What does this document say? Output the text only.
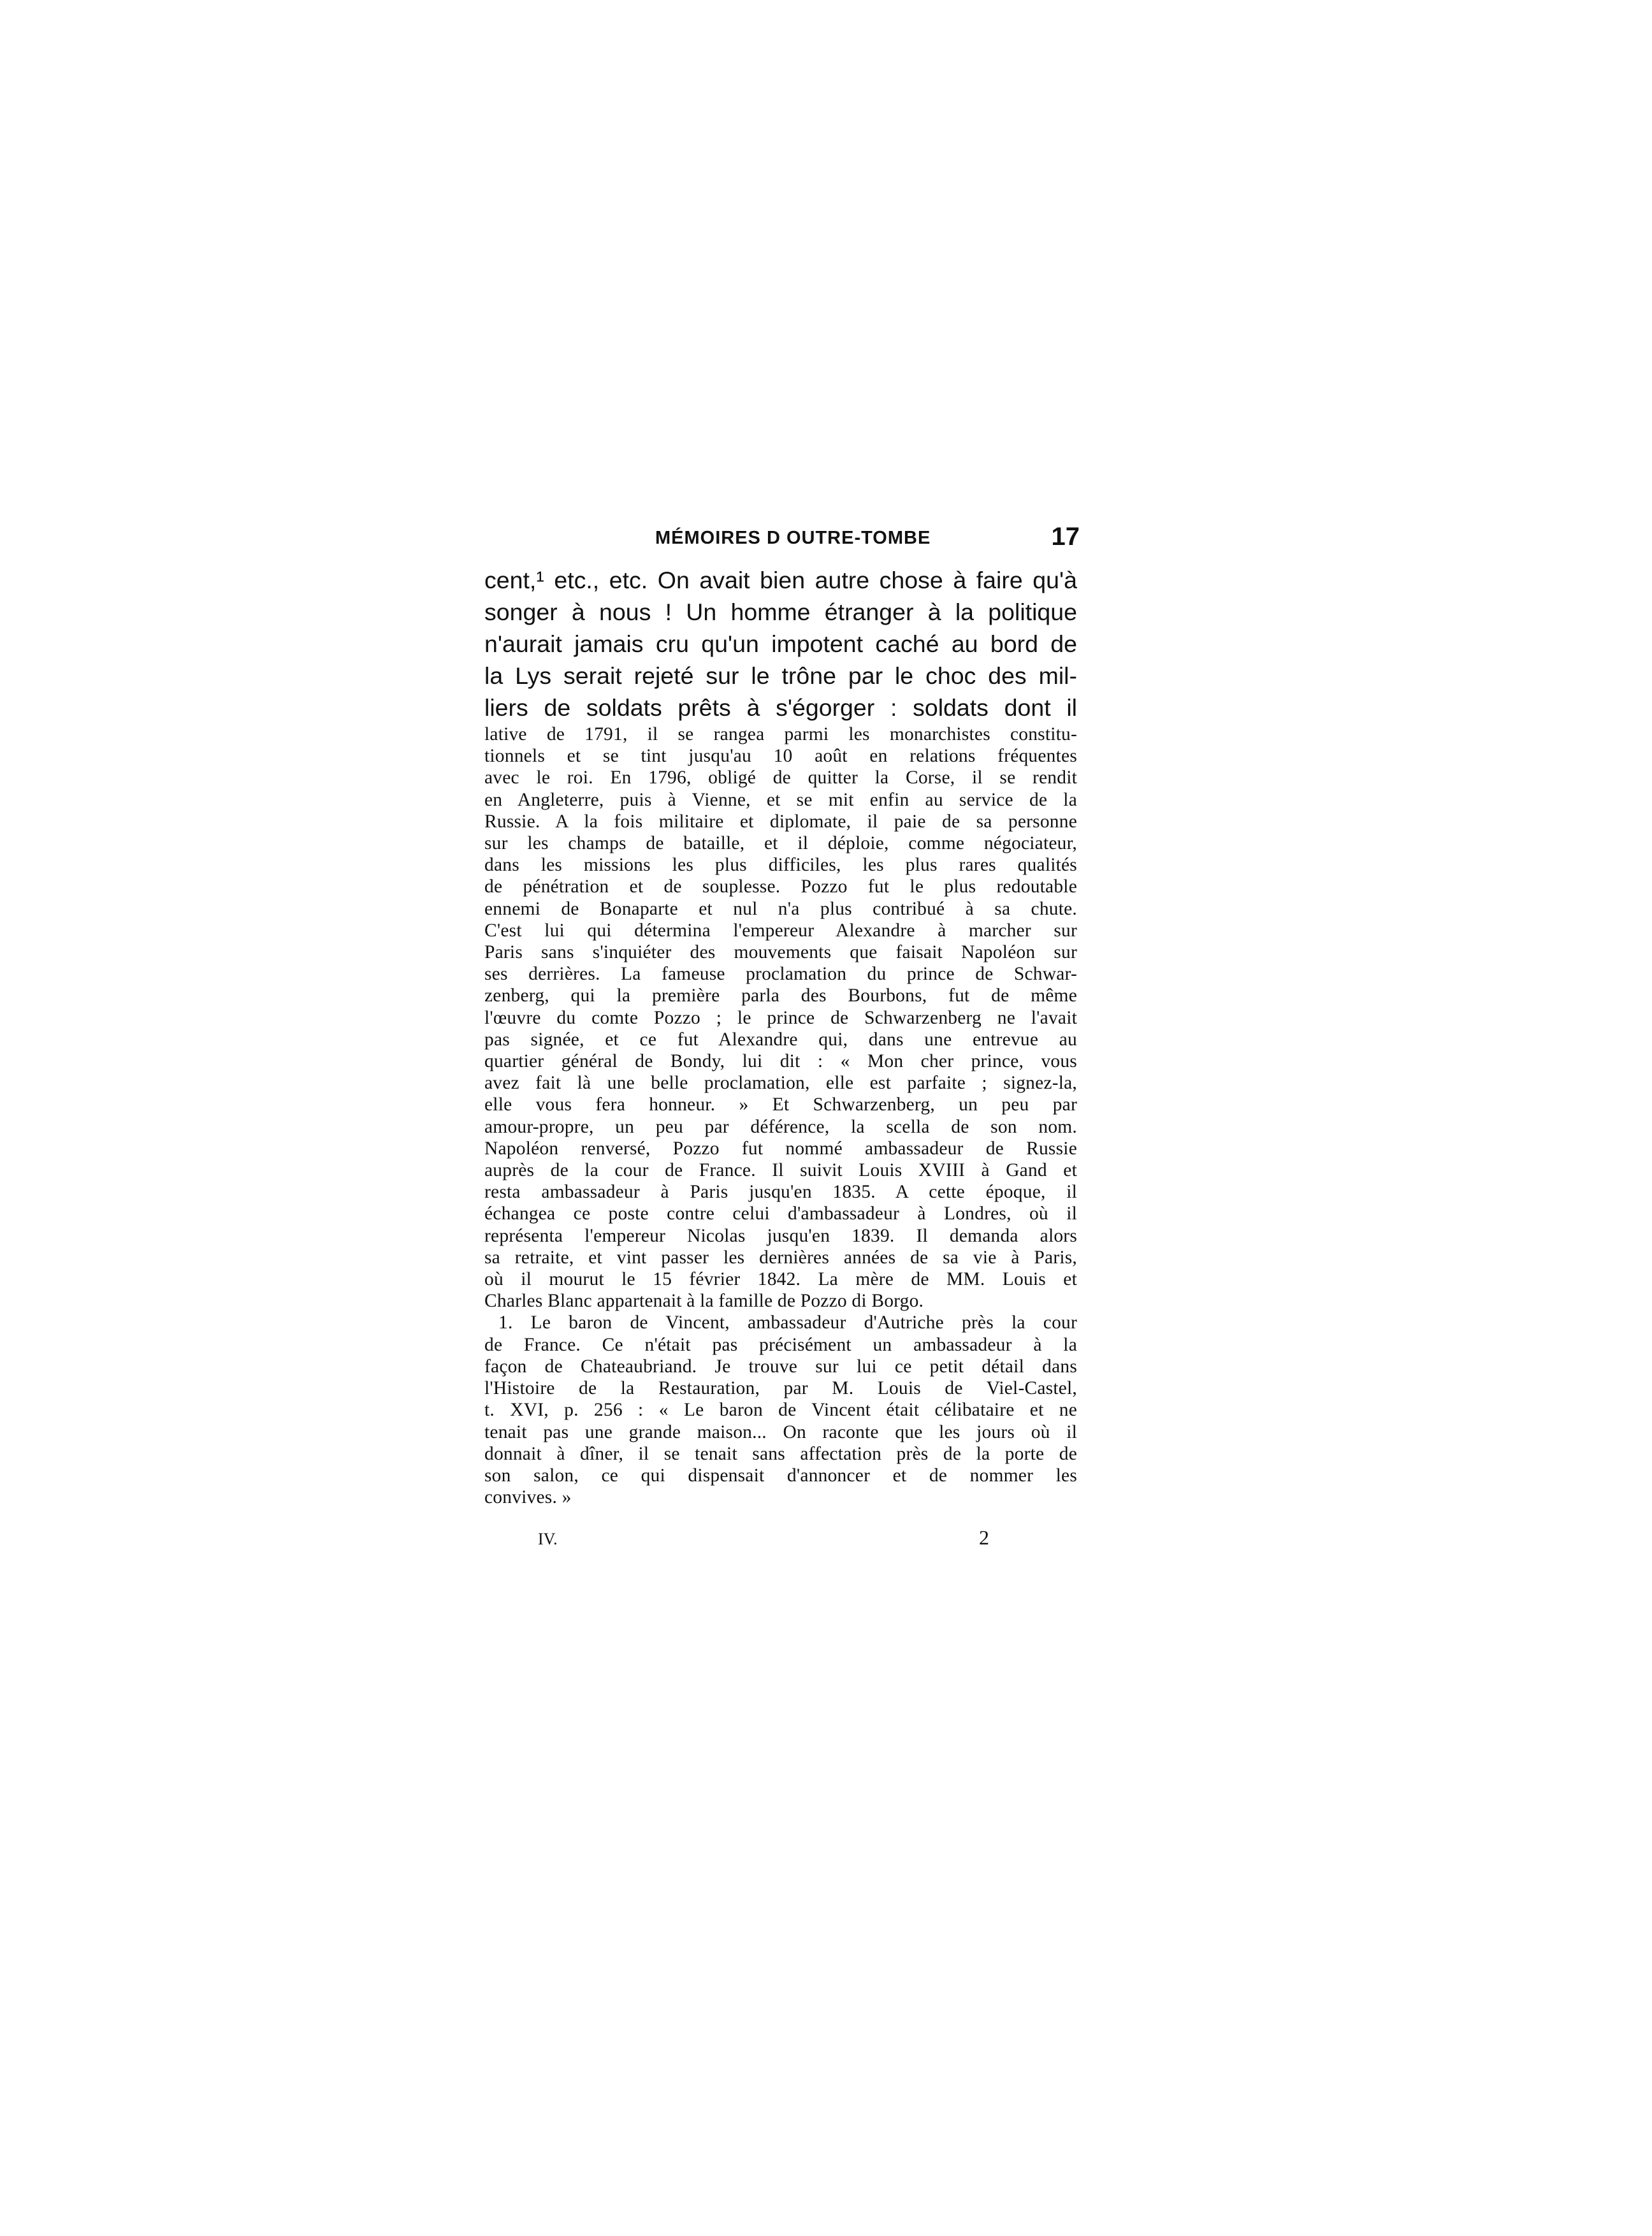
MÉMOIRES D OUTRE-TOMBE	17
cent,¹ etc., etc. On avait bien autre chose à faire qu'à
songer à nous ! Un homme étranger à la politique
n'aurait jamais cru qu'un impotent caché au bord de
la Lys serait rejeté sur le trône par le choc des mil-
liers de soldats prêts à s'égorger : soldats dont il
lative de 1791, il se rangea parmi les monarchistes constitu-
tionnels et se tint jusqu'au 10 août en relations fréquentes
avec le roi. En 1796, obligé de quitter la Corse, il se rendit
en Angleterre, puis à Vienne, et se mit enfin au service de la
Russie. A la fois militaire et diplomate, il paie de sa personne
sur les champs de bataille, et il déploie, comme négociateur,
dans les missions les plus difficiles, les plus rares qualités
de pénétration et de souplesse. Pozzo fut le plus redoutable
ennemi de Bonaparte et nul n'a plus contribué à sa chute.
C'est lui qui détermina l'empereur Alexandre à marcher sur
Paris sans s'inquiéter des mouvements que faisait Napoléon sur
ses derrières. La fameuse proclamation du prince de Schwar-
zenberg, qui la première parla des Bourbons, fut de même
l'œuvre du comte Pozzo ; le prince de Schwarzenberg ne l'avait
pas signée, et ce fut Alexandre qui, dans une entrevue au
quartier général de Bondy, lui dit : « Mon cher prince, vous
avez fait là une belle proclamation, elle est parfaite ; signez-la,
elle vous fera honneur. » Et Schwarzenberg, un peu par
amour-propre, un peu par déférence, la scella de son nom.
Napoléon renversé, Pozzo fut nommé ambassadeur de Russie
auprès de la cour de France. Il suivit Louis XVIII à Gand et
resta ambassadeur à Paris jusqu'en 1835. A cette époque, il
échangea ce poste contre celui d'ambassadeur à Londres, où il
représenta l'empereur Nicolas jusqu'en 1839. Il demanda alors
sa retraite, et vint passer les dernières années de sa vie à Paris,
où il mourut le 15 février 1842. La mère de MM. Louis et
Charles Blanc appartenait à la famille de Pozzo di Borgo.
1. Le baron de Vincent, ambassadeur d'Autriche près la cour
de France. Ce n'était pas précisément un ambassadeur à la
façon de Chateaubriand. Je trouve sur lui ce petit détail dans
l'Histoire de la Restauration, par M. Louis de Viel-Castel,
t. XVI, p. 256 : « Le baron de Vincent était célibataire et ne
tenait pas une grande maison... On raconte que les jours où il
donnait à dîner, il se tenait sans affectation près de la porte de
son salon, ce qui dispensait d'annoncer et de nommer les
convives. »
IV.	2
